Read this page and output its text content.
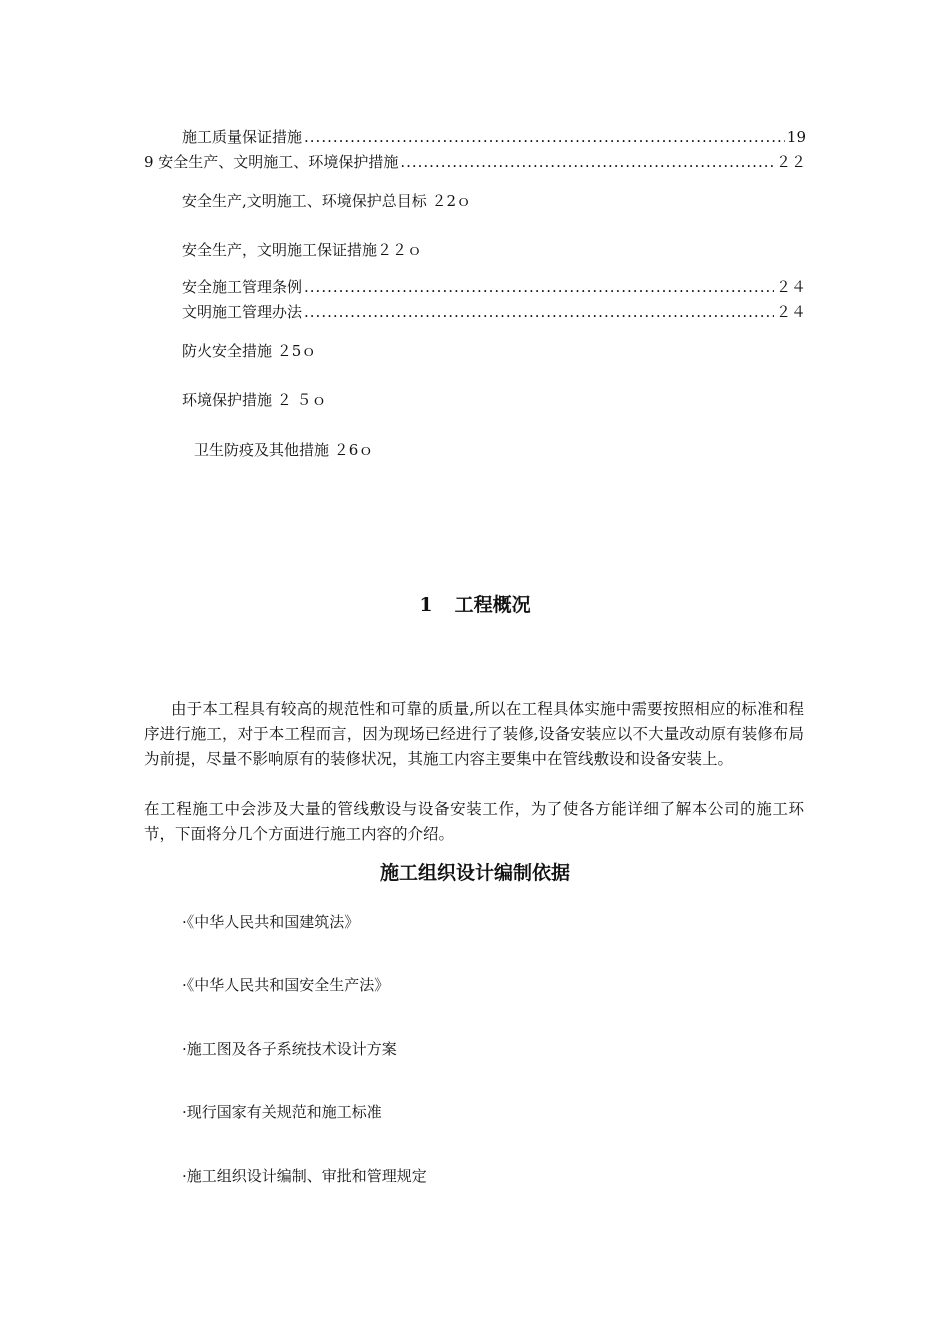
施工质量保证措施 .....	19
9 安全生产、文明施工、环境保护措施 .....	２２
安全生产,文明施工、环境保护总目标 ２2ｏ
安全生产，文明施工保证措施２２ｏ
安全施工管理条例 .....	２４
文明施工管理办法 .....	２４
防火安全措施 ２5ｏ
环境保护措施 ２ ５ｏ
卫生防疫及其他措施 ２6ｏ
1 工程概况
由于本工程具有较高的规范性和可靠的质量,所以在工程具体实施中需要按照相应的标准和程序进行施工，对于本工程而言，因为现场已经进行了装修,设备安装应以不大量改动原有装修布局为前提，尽量不影响原有的装修状况，其施工内容主要集中在管线敷设和设备安装上。
在工程施工中会涉及大量的管线敷设与设备安装工作，为了使各方能详细了解本公司的施工环节，下面将分几个方面进行施工内容的介绍。
施工组织设计编制依据
·《中华人民共和国建筑法》
·《中华人民共和国安全生产法》
·施工图及各子系统技术设计方案
·现行国家有关规范和施工标准
·施工组织设计编制、审批和管理规定
